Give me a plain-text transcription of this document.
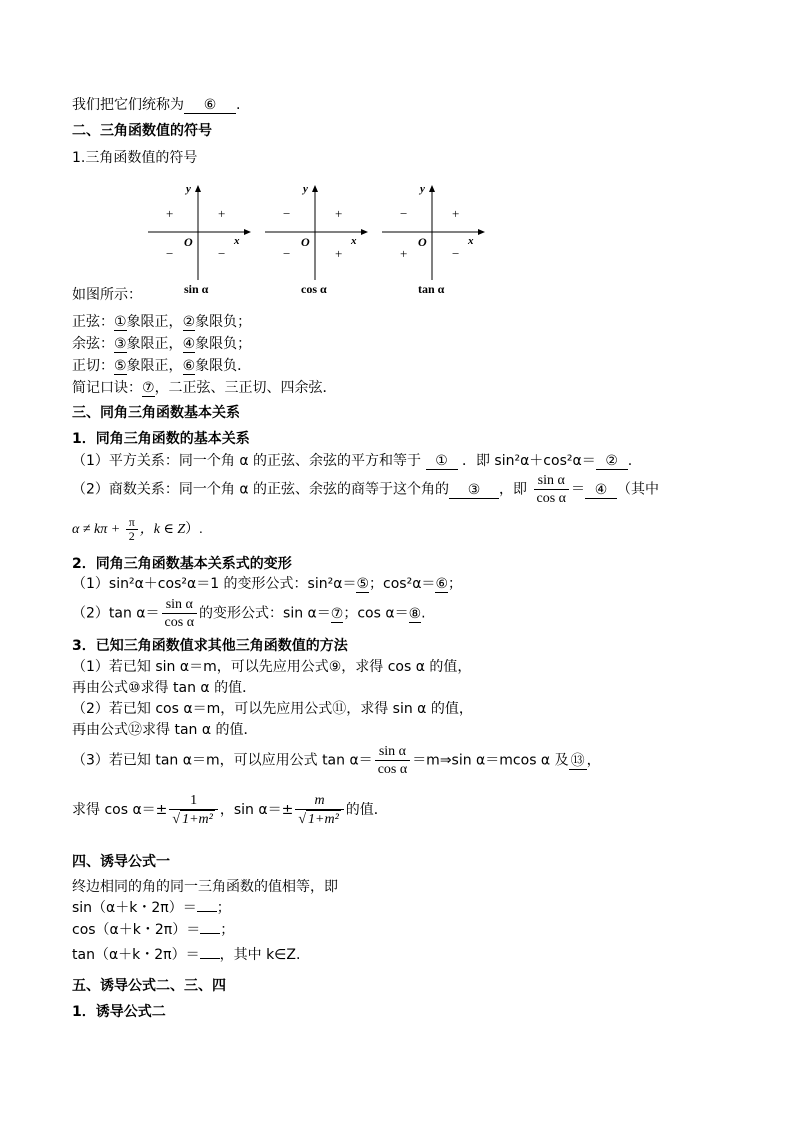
我们把它们统称为 ⑥ .
二、三角函数值的符号
1.三角函数值的符号
y
x
O
+	+
−	−
sin α
y
x
O
−	+
−	+
cos α
y
x
O
−	+
+	−
tan α
如图所示：
正弦：①象限正，②象限负；
余弦：③象限正，④象限负；
正切：⑤象限正，⑥象限负．
简记口诀：⑦，二正弦、三正切、四余弦．
三、同角三角函数基本关系
1．同角三角函数的基本关系
（1）平方关系：同一个角 α 的正弦、余弦的平方和等于 ① ．即 sin²α＋cos²α＝ ② .
（2）商数关系：同一个角 α 的正弦、余弦的商等于这个角的 ③ ，即 $\frac{\text{sin α}}{\text{cos α}}$ ＝ ④ （其中
$\alpha \ne k\pi + \frac{\pi}{2}$ ，k ∈ Z）.
2．同角三角函数基本关系式的变形
（1）sin²α＋cos²α＝1 的变形公式：sin²α＝⑤；cos²α＝⑥；
（2）tan $\alpha= \frac{\text{sin α}}{\text{cos α}}$ 的变形公式：sin α＝⑦；cos α＝⑧.
3．已知三角函数值求其他三角函数值的方法
（1）若已知 sin α＝m，可以先应用公式⑨，求得 cos α 的值，
再由公式⑩求得 tan α 的值．
（2）若已知 cos α＝m，可以先应用公式⑪，求得 sin α 的值，
再由公式⑫求得 tan α 的值．
（3）若已知 tan α＝m，可以应用公式 $\tan \alpha= \frac{\text{sin α}}{\text{cos α}}$ ＝m⇒sin α＝mcos α 及 ⑬ ，
求得 $\cos \alpha=\pm \frac{1}{\text{√ 1+m²}}$ ，$\sin \alpha=\pm \frac{m}{\text{√ 1+m²}}$ 的值．
四、诱导公式一
终边相同的角的同一三角函数的值相等，即
sin（α＋k・2π）＝ ；
cos（α＋k・2π）＝ ；
tan（α＋k・2π）＝ ，其中 k∈Z.
五、诱导公式二、三、四
1．诱导公式二
